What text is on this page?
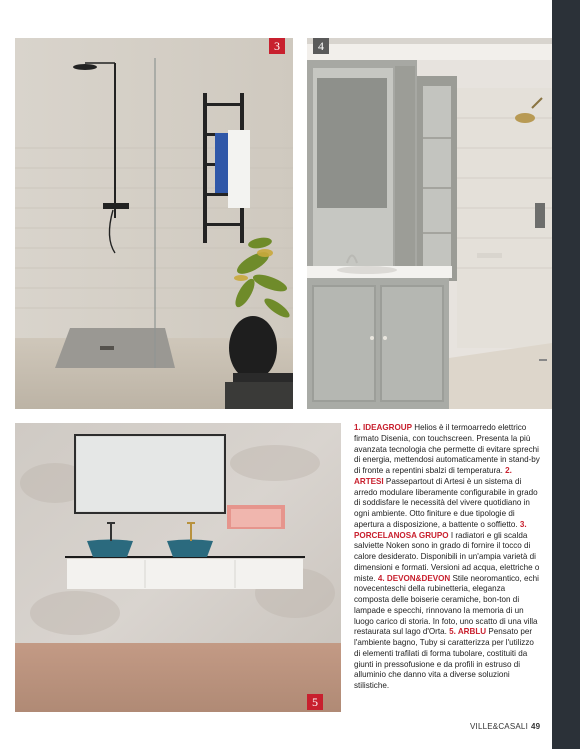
3	4
5

1. IDEAGROUP Helios è il termoarredo elettrico firmato Disenia, con touchscreen. Presenta la più avanzata tecnologia che permette di evitare sprechi di energia, mettendosi automaticamente in stand-by di fronte a repentini sbalzi di temperatura. 2. ARTESI Passepartout di Artesi è un sistema di arredo modulare liberamente configurabile in grado di soddisfare le necessità del vivere quotidiano in ogni ambiente. Otto finiture e due tipologie di apertura a disposizione, a battente o soffietto. 3. PORCELANOSA GRUPO I radiatori e gli scalda salviette Noken sono in grado di fornire il tocco di calore desiderato. Disponibili in un'ampia varietà di dimensioni e formati. Versioni ad acqua, elettriche o miste. 4. DEVON&DEVON Stile neoromantico, echi novecenteschi della rubinetteria, eleganza composta delle boiserie ceramiche, bon-ton di lampade e specchi, rinnovano la memoria di un luogo carico di storia. In foto, uno scatto di una villa restaurata sul lago d'Orta. 5. ARBLU Pensato per l'ambiente bagno, Tuby si caratterizza per l'utilizzo di elementi trafilati di forma tubolare, costituiti da giunti in pressofusione e da profili in estruso di alluminio che danno vita a diverse soluzioni stilistiche.

VILLE&CASALI 49
